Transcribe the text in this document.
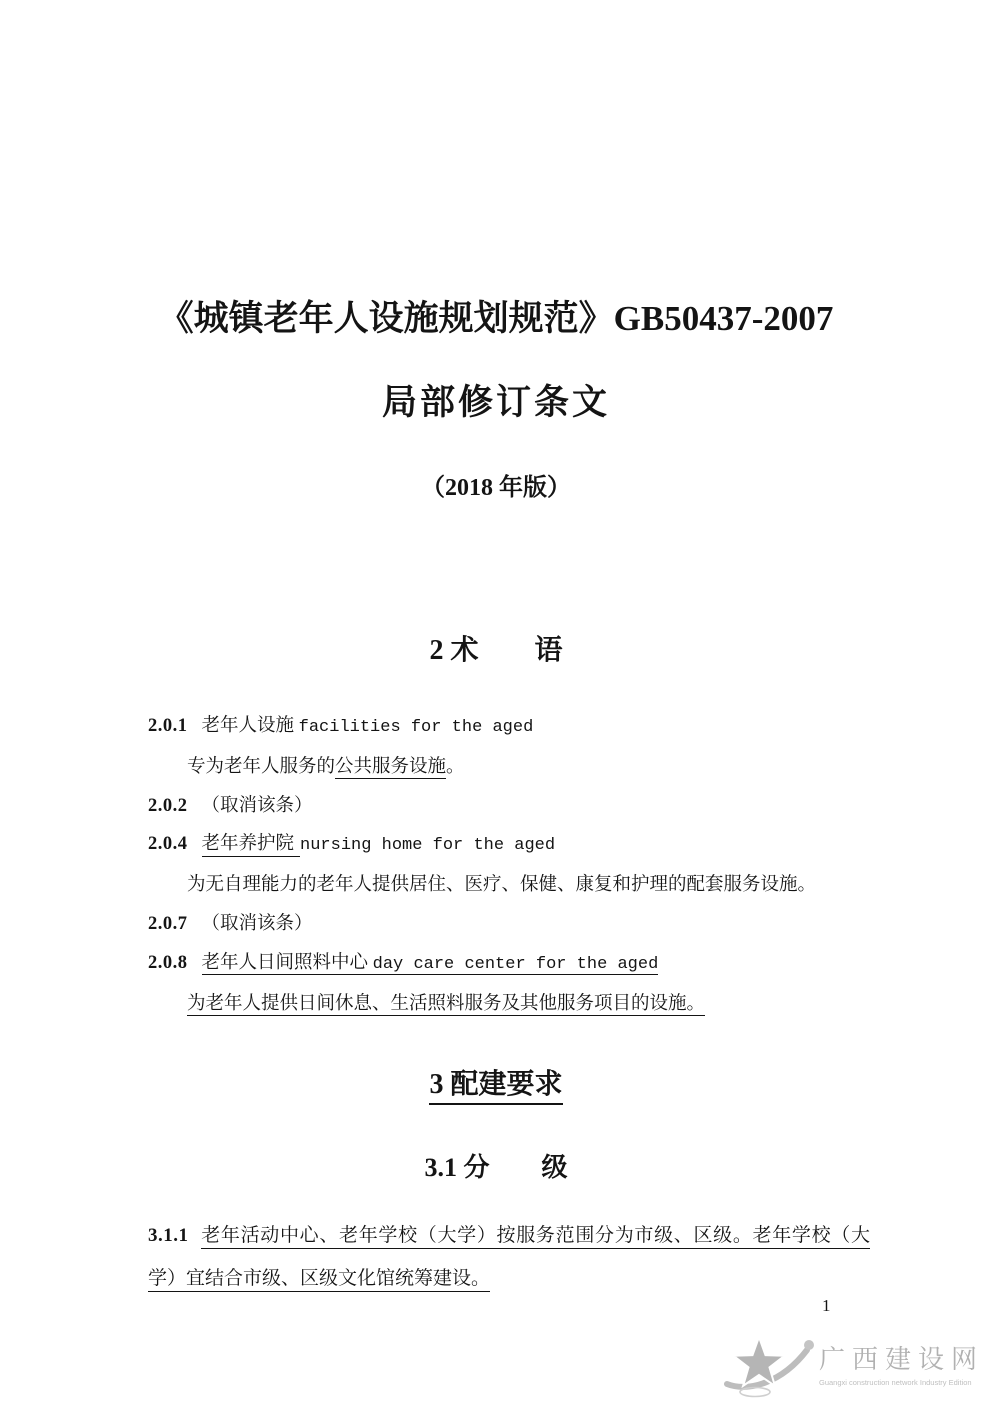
《城镇老年人设施规划规范》GB50437-2007
局部修订条文
（2018 年版）
2 术　　语
2.0.1 老年人设施 facilities for the aged
专为老年人服务的公共服务设施。
2.0.2 （取消该条）
2.0.4 老年养护院 nursing home for the aged
为无自理能力的老年人提供居住、医疗、保健、康复和护理的配套服务设施。
2.0.7 （取消该条）
2.0.8 老年人日间照料中心 day care center for the aged
为老年人提供日间休息、生活照料服务及其他服务项目的设施。
3 配建要求
3.1 分　　级

3.1.1 老年活动中心、老年学校（大学）按服务范围分为市级、区级。老年学校（大学）宜结合市级、区级文化馆统筹建设。

1
广西建设网
Guangxi construction network Industry Edition
